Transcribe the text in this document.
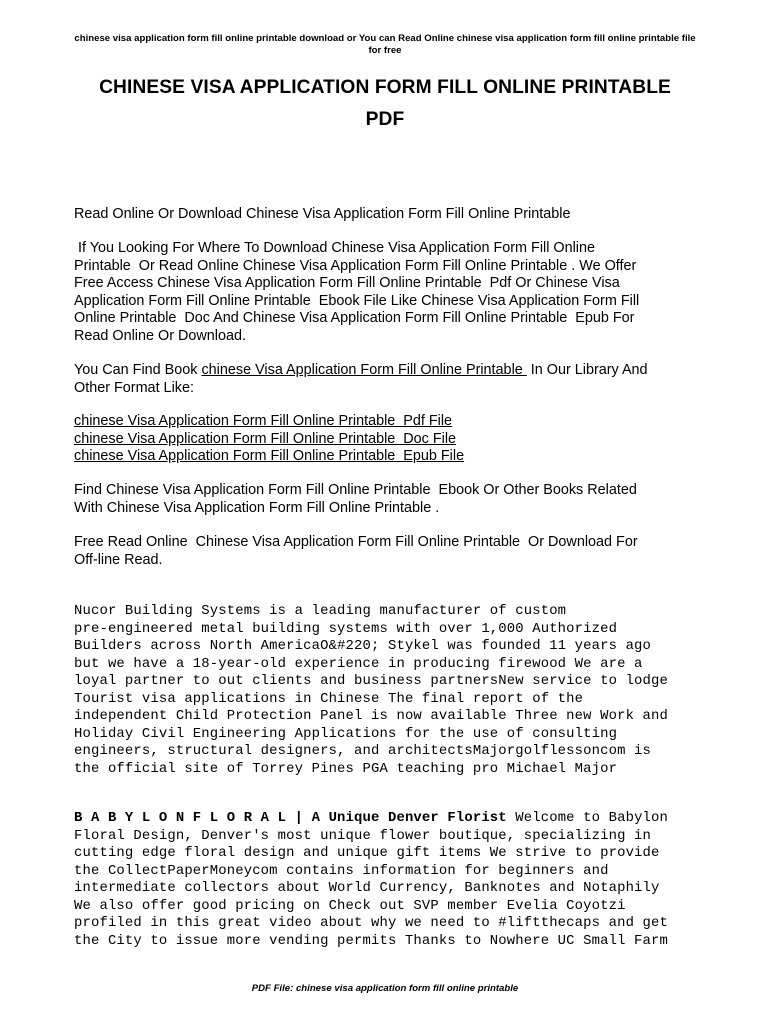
chinese visa application form fill online printable download or You can Read Online chinese visa application form fill online printable file
for free
CHINESE VISA APPLICATION FORM FILL ONLINE PRINTABLE
PDF

Read Online Or Download Chinese Visa Application Form Fill Online Printable

If You Looking For Where To Download Chinese Visa Application Form Fill Online

Printable  Or Read Online Chinese Visa Application Form Fill Online Printable . We Offer

Free Access Chinese Visa Application Form Fill Online Printable  Pdf Or Chinese Visa

Application Form Fill Online Printable  Ebook File Like Chinese Visa Application Form Fill

Online Printable  Doc And Chinese Visa Application Form Fill Online Printable  Epub For

Read Online Or Download.

You Can Find Book chinese Visa Application Form Fill Online Printable  In Our Library And

Other Format Like:

chinese Visa Application Form Fill Online Printable  Pdf File

chinese Visa Application Form Fill Online Printable  Doc File

chinese Visa Application Form Fill Online Printable  Epub File

Find Chinese Visa Application Form Fill Online Printable  Ebook Or Other Books Related

With Chinese Visa Application Form Fill Online Printable .

Free Read Online  Chinese Visa Application Form Fill Online Printable  Or Download For

Off-line Read.

Nucor Building Systems is a leading manufacturer of custom
pre-engineered metal building systems with over 1,000 Authorized
Builders across North AmericaO&#220; Stykel was founded 11 years ago
but we have a 18-year-old experience in producing firewood We are a
loyal partner to out clients and business partnersNew service to lodge
Tourist visa applications in Chinese The final report of the
independent Child Protection Panel is now available Three new Work and
Holiday Civil Engineering Applications for the use of consulting
engineers, structural designers, and architectsMajorgolflessoncom is
the official site of Torrey Pines PGA teaching pro Michael Major
B A B Y L O N F L O R A L | A Unique Denver Florist Welcome to Babylon
Floral Design, Denver's most unique flower boutique, specializing in
cutting edge floral design and unique gift items We strive to provide
the CollectPaperMoneycom contains information for beginners and
intermediate collectors about World Currency, Banknotes and Notaphily
We also offer good pricing on Check out SVP member Evelia Coyotzi
profiled in this great video about why we need to #liftthecaps and get
the City to issue more vending permits Thanks to Nowhere UC Small Farm
PDF File: chinese visa application form fill online printable
